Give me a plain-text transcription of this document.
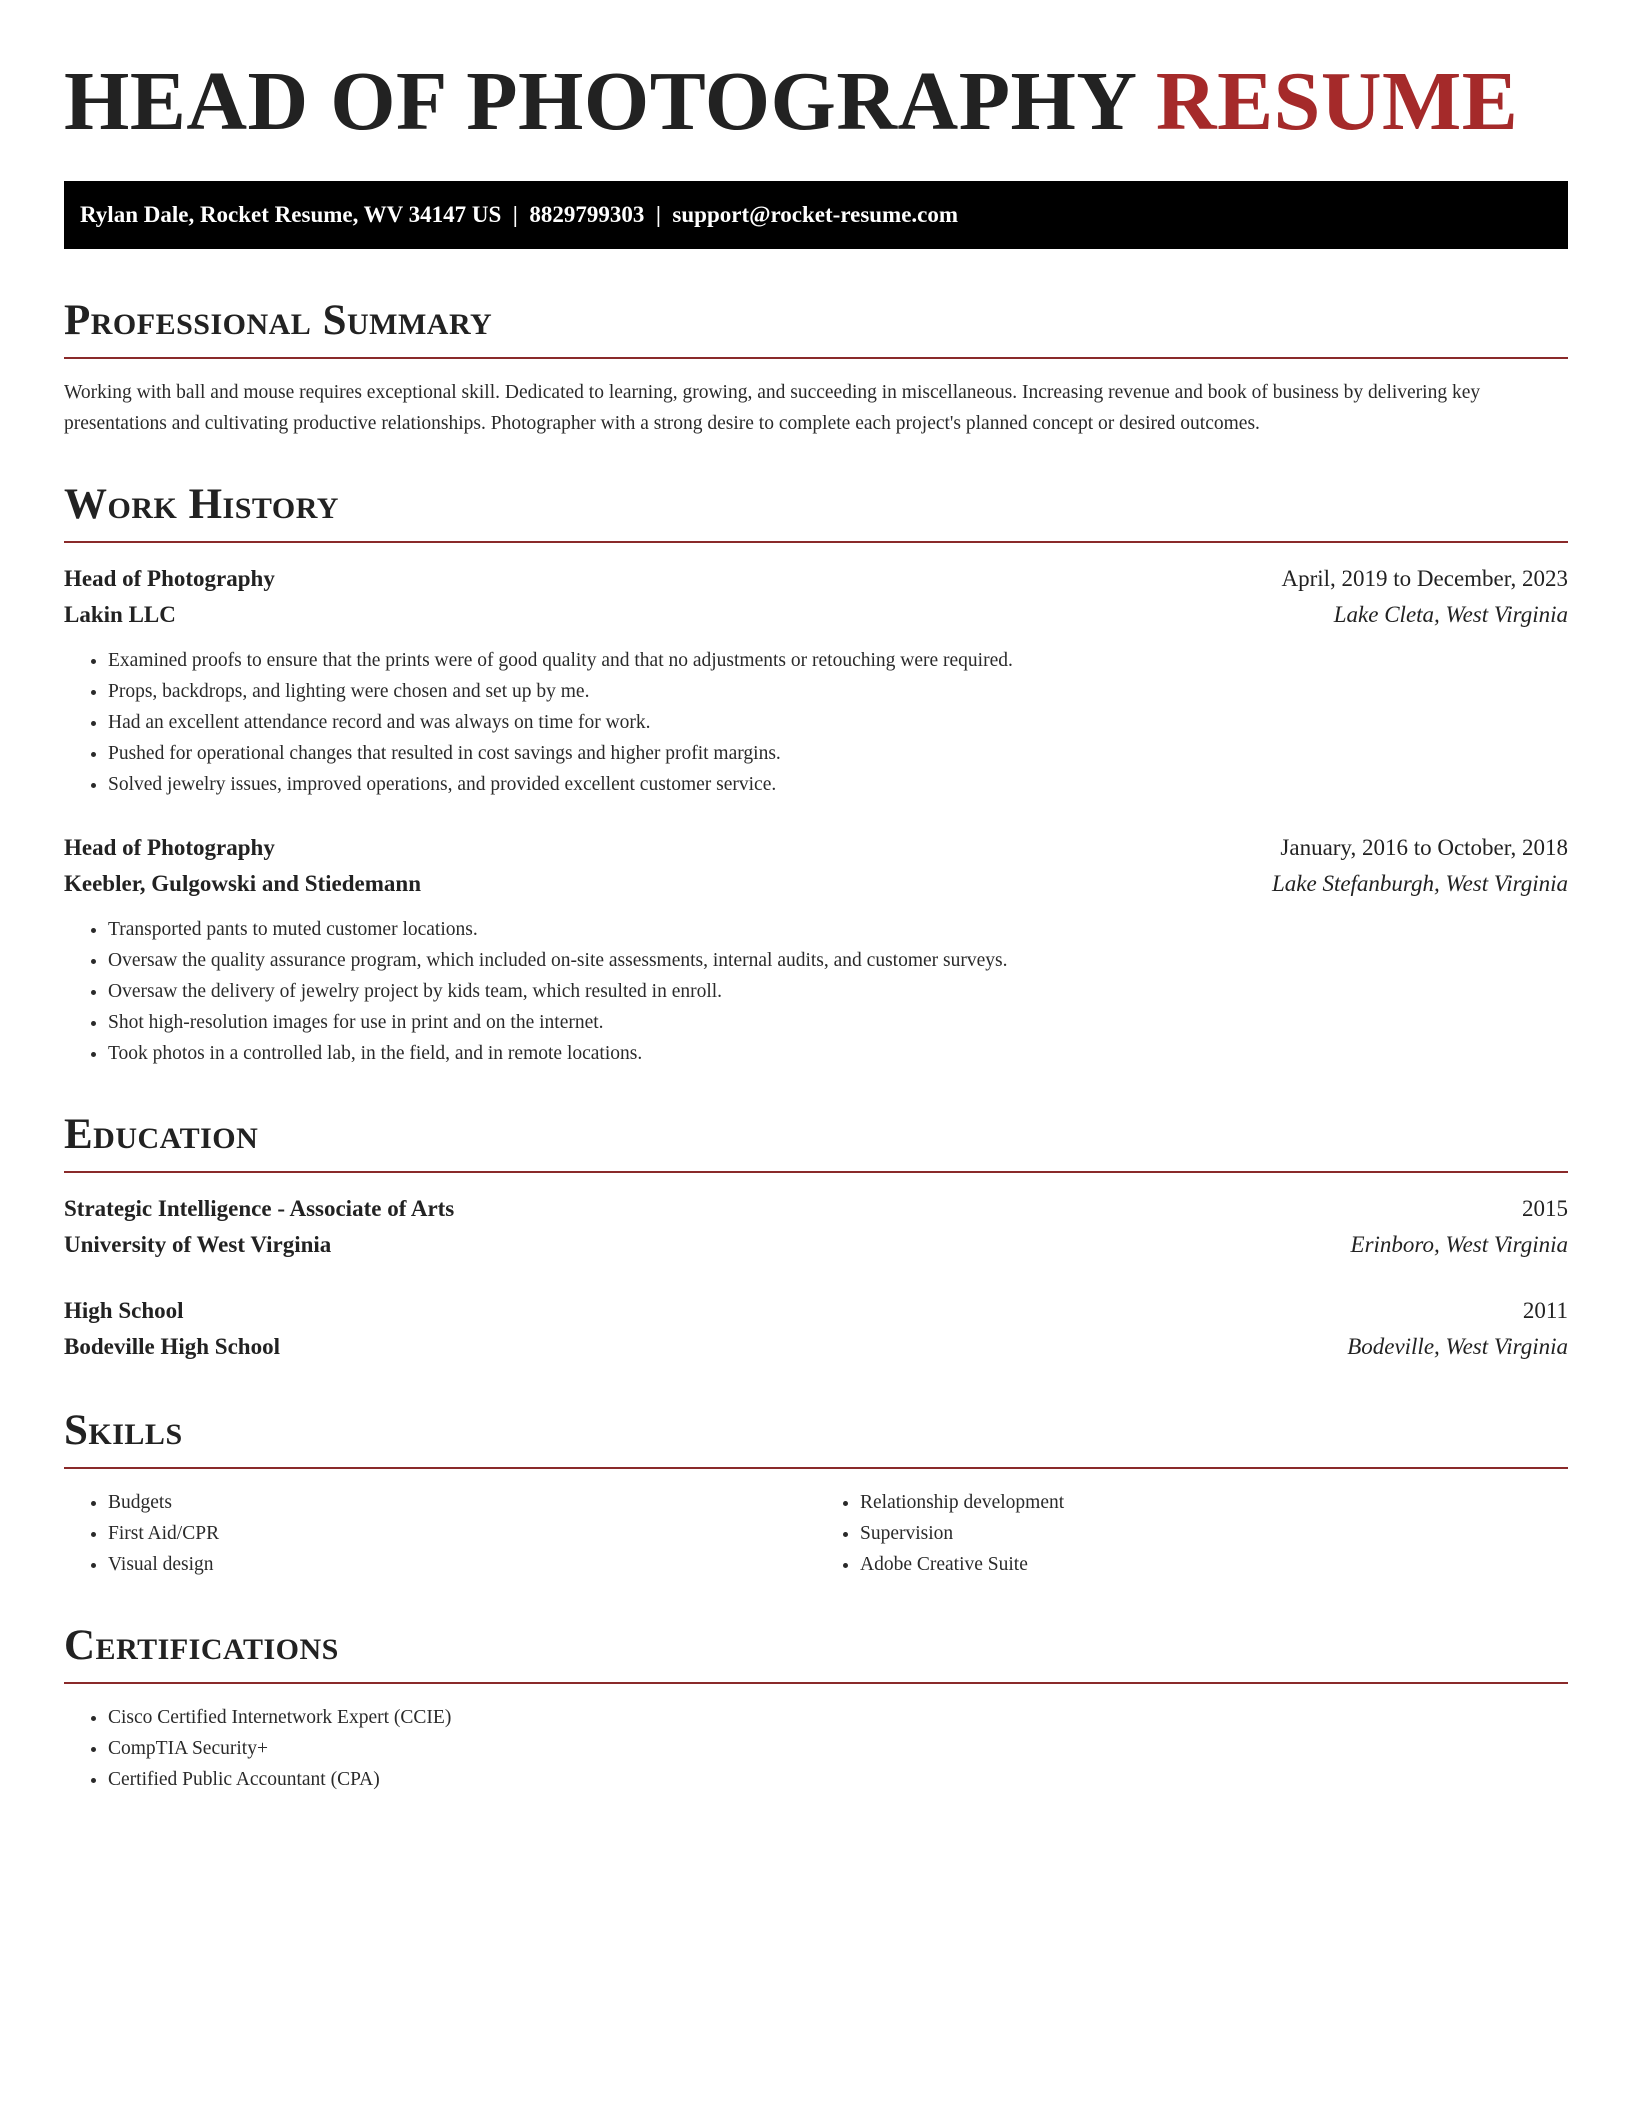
HEAD OF PHOTOGRAPHY RESUME
Rylan Dale, Rocket Resume, WV 34147 US  |  8829799303  |  support@rocket-resume.com
Professional Summary

Working with ball and mouse requires exceptional skill. Dedicated to learning, growing, and succeeding in miscellaneous. Increasing revenue and book of business by delivering key presentations and cultivating productive relationships. Photographer with a strong desire to complete each project's planned concept or desired outcomes.

Work History
Head of Photography	April, 2019 to December, 2023
Lakin LLC	Lake Cleta, West Virginia
• Examined proofs to ensure that the prints were of good quality and that no adjustments or retouching were required.
• Props, backdrops, and lighting were chosen and set up by me.
• Had an excellent attendance record and was always on time for work.
• Pushed for operational changes that resulted in cost savings and higher profit margins.
• Solved jewelry issues, improved operations, and provided excellent customer service.
Head of Photography	January, 2016 to October, 2018
Keebler, Gulgowski and Stiedemann	Lake Stefanburgh, West Virginia
• Transported pants to muted customer locations.
• Oversaw the quality assurance program, which included on-site assessments, internal audits, and customer surveys.
• Oversaw the delivery of jewelry project by kids team, which resulted in enroll.
• Shot high-resolution images for use in print and on the internet.
• Took photos in a controlled lab, in the field, and in remote locations.
Education
Strategic Intelligence - Associate of Arts	2015
University of West Virginia	Erinboro, West Virginia
High School	2011
Bodeville High School	Bodeville, West Virginia
Skills
• Budgets
• First Aid/CPR
• Visual design
• Relationship development
• Supervision
• Adobe Creative Suite
Certifications
• Cisco Certified Internetwork Expert (CCIE)
• CompTIA Security+
• Certified Public Accountant (CPA)
